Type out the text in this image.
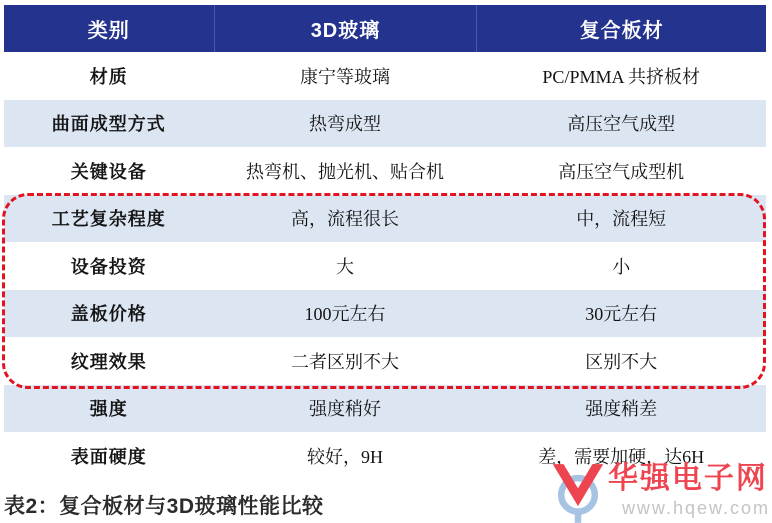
类别	3D玻璃	复合板材
材质	康宁等玻璃	PC/PMMA 共挤板材
曲面成型方式	热弯成型	高压空气成型
关键设备	热弯机、抛光机、贴合机	高压空气成型机
工艺复杂程度	高，流程很长	中，流程短
设备投资	大	小
盖板价格	100元左右	30元左右
纹理效果	二者区别不大	区别不大
强度	强度稍好	强度稍差
表面硬度	较好，9H	差，需要加硬，达6H
表2：复合板材与3D玻璃性能比较
华强电子网
www.hqew.com
